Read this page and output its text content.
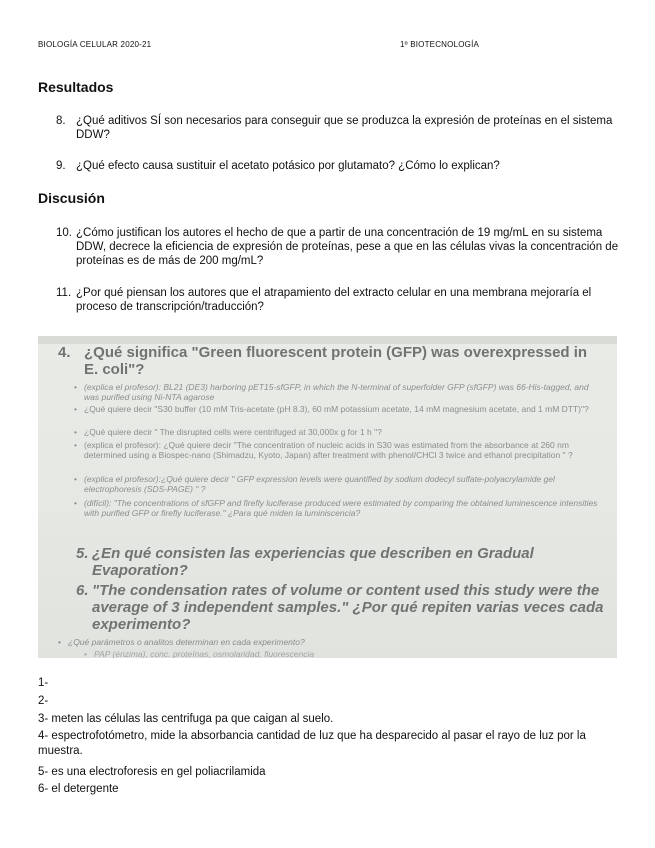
BIOLOGÍA CELULAR 2020-21	1º BIOTECNOLOGÍA
Resultados
8. ¿Qué aditivos SÍ son necesarios para conseguir que se produzca la expresión de proteínas en el sistema DDW?
9. ¿Qué efecto causa sustituir el acetato potásico por glutamato? ¿Cómo lo explican?
Discusión
10. ¿Cómo justifican los autores el hecho de que a partir de una concentración de 19 mg/mL en su sistema DDW, decrece la eficiencia de expresión de proteínas, pese a que en las células vivas la concentración de proteínas es de más de 200 mg/mL?
11. ¿Por qué piensan los autores que el atrapamiento del extracto celular en una membrana mejoraría el proceso de transcripción/traducción?
4. ¿Qué significa "Green fluorescent protein (GFP) was overexpressed in E. coli"?
• (explica el profesor): BL21 (DE3) harboring pET15-sfGFP, in which the N-terminal of superfolder GFP (sfGFP) was 66-His-tagged, and was purified using Ni-NTA agarose
• ¿Qué quiere decir "S30 buffer (10 mM Tris-acetate (pH 8.3), 60 mM potassium acetate, 14 mM magnesium acetate, and 1 mM DTT)"?
• ¿Qué quiere decir " The disrupted cells were centrifuged at 30,000x g for 1 h "?
• (explica el profesor): ¿Qué quiere decir "The concentration of nucleic acids in S30 was estimated from the absorbance at 260 nm determined using a Biospec-nano (Shimadzu, Kyoto, Japan) after treatment with phenol/CHCl 3 twice and ethanol precipitation " ?
• (explica el profesor):¿Qué quiere decir " GFP expression levels were quantified by sodium dodecyl sulfate-polyacrylamide gel electrophoresis (SDS-PAGE) " ?
• (difícil): "The concentrations of sfGFP and firefly luciferase produced were estimated by comparing the obtained luminescence intensities with purified GFP or firefly luciferase." ¿Para qué miden la luminiscencia?
5. ¿En qué consisten las experiencias que describen en Gradual Evaporation?
6. "The condensation rates of volume or content used this study were the average of 3 independent samples." ¿Por qué repiten varias veces cada experimento?
• ¿Qué parámetros o analitos determinan en cada experimento?
• PAP (énzima), conc. proteínas, osmolaridad, fluorescencia
1-
2-
3- meten las células las centrifuga pa que caigan al suelo.
4- espectrofotómetro, mide la absorbancia cantidad de luz que ha desparecido al pasar el rayo de luz por la muestra.
5- es una electroforesis en gel poliacrilamida
6- el detergente
